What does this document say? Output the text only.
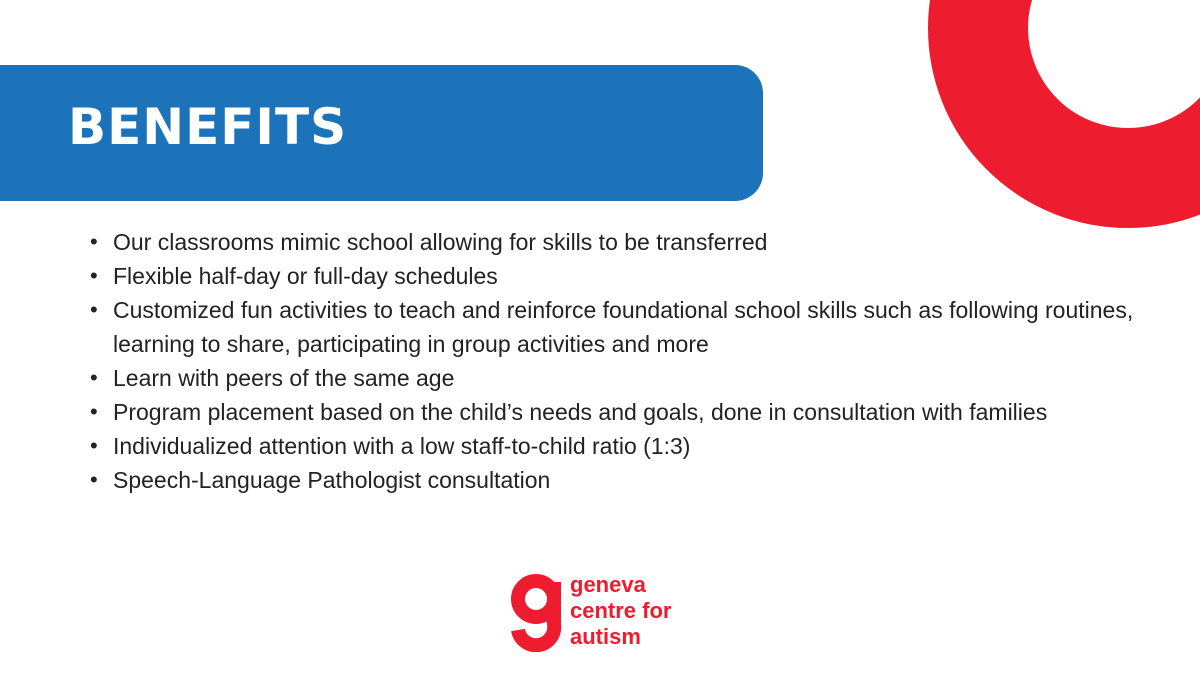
BENEFITS
• Our classrooms mimic school allowing for skills to be transferred
• Flexible half-day or full-day schedules
• Customized fun activities to teach and reinforce foundational school skills such as following routines, learning to share, participating in group activities and more
• Learn with peers of the same age
• Program placement based on the child’s needs and goals, done in consultation with families
• Individualized attention with a low staff-to-child ratio (1:3)
• Speech-Language Pathologist consultation
geneva
centre for
autism
